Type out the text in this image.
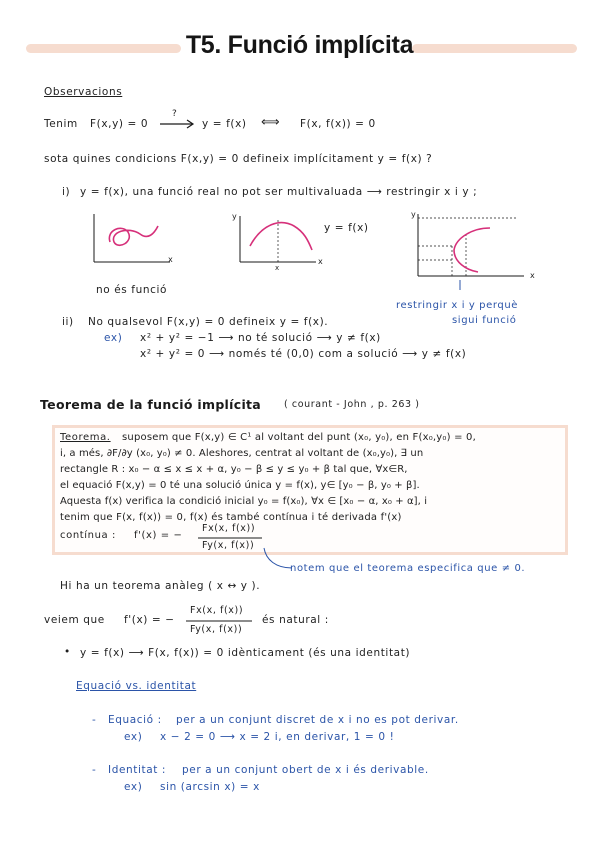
T5. Funció implícita
Observacions
Tenim F(x,y) = 0
?
y = f(x) ⟺ F(x, f(x)) = 0
sota quines condicions F(x,y) = 0 defineix implícitament y = f(x) ?
i) y = f(x), una funció real no pot ser multivaluada ⟶ restringir x i y ;
x
no és funció
y
y = f(x)
x
x
y
x
restringir x i y perquè
sigui funció
ii) No qualsevol F(x,y) = 0 defineix y = f(x).
ex) x² + y² = −1 ⟶ no té solució ⟶ y ≠ f(x)
x² + y² = 0 ⟶ només té (0,0) com a solució ⟶ y ≠ f(x)
Teorema de la funció implícita ( courant - John , p. 263 )
Teorema. suposem que F(x,y) ∈ C¹ al voltant del punt (x₀, y₀), en F(x₀,y₀) = 0,
i, a més, ∂F/∂y (x₀, y₀) ≠ 0. Aleshores, centrat al voltant de (x₀,y₀), ∃ un
rectangle R : x₀ − α ≤ x ≤ x + α, y₀ − β ≤ y ≤ y₀ + β tal que, ∀x∈R,
el equació F(x,y) = 0 té una solució única y = f(x), y∈ [y₀ − β, y₀ + β].
Aquesta f(x) verifica la condició inicial y₀ = f(x₀), ∀x ∈ [x₀ − α, x₀ + α], i
tenim que F(x, f(x)) = 0, f(x) és també contínua i té derivada f'(x)
contínua : f'(x) = −
Fx(x, f(x))
Fy(x, f(x))
notem que el teorema especifica que ≠ 0.
Hi ha un teorema anàleg ( x ↔ y ).
veiem que f'(x) = −
Fx(x, f(x))
Fy(x, f(x))
és natural :
• y = f(x) ⟶ F(x, f(x)) = 0 idènticament (és una identitat)
Equació vs. identitat
- Equació : per a un conjunt discret de x i no es pot derivar.
ex) x − 2 = 0 ⟶ x = 2 i, en derivar, 1 = 0 !
- Identitat : per a un conjunt obert de x i és derivable.
ex) sin (arcsin x) = x
